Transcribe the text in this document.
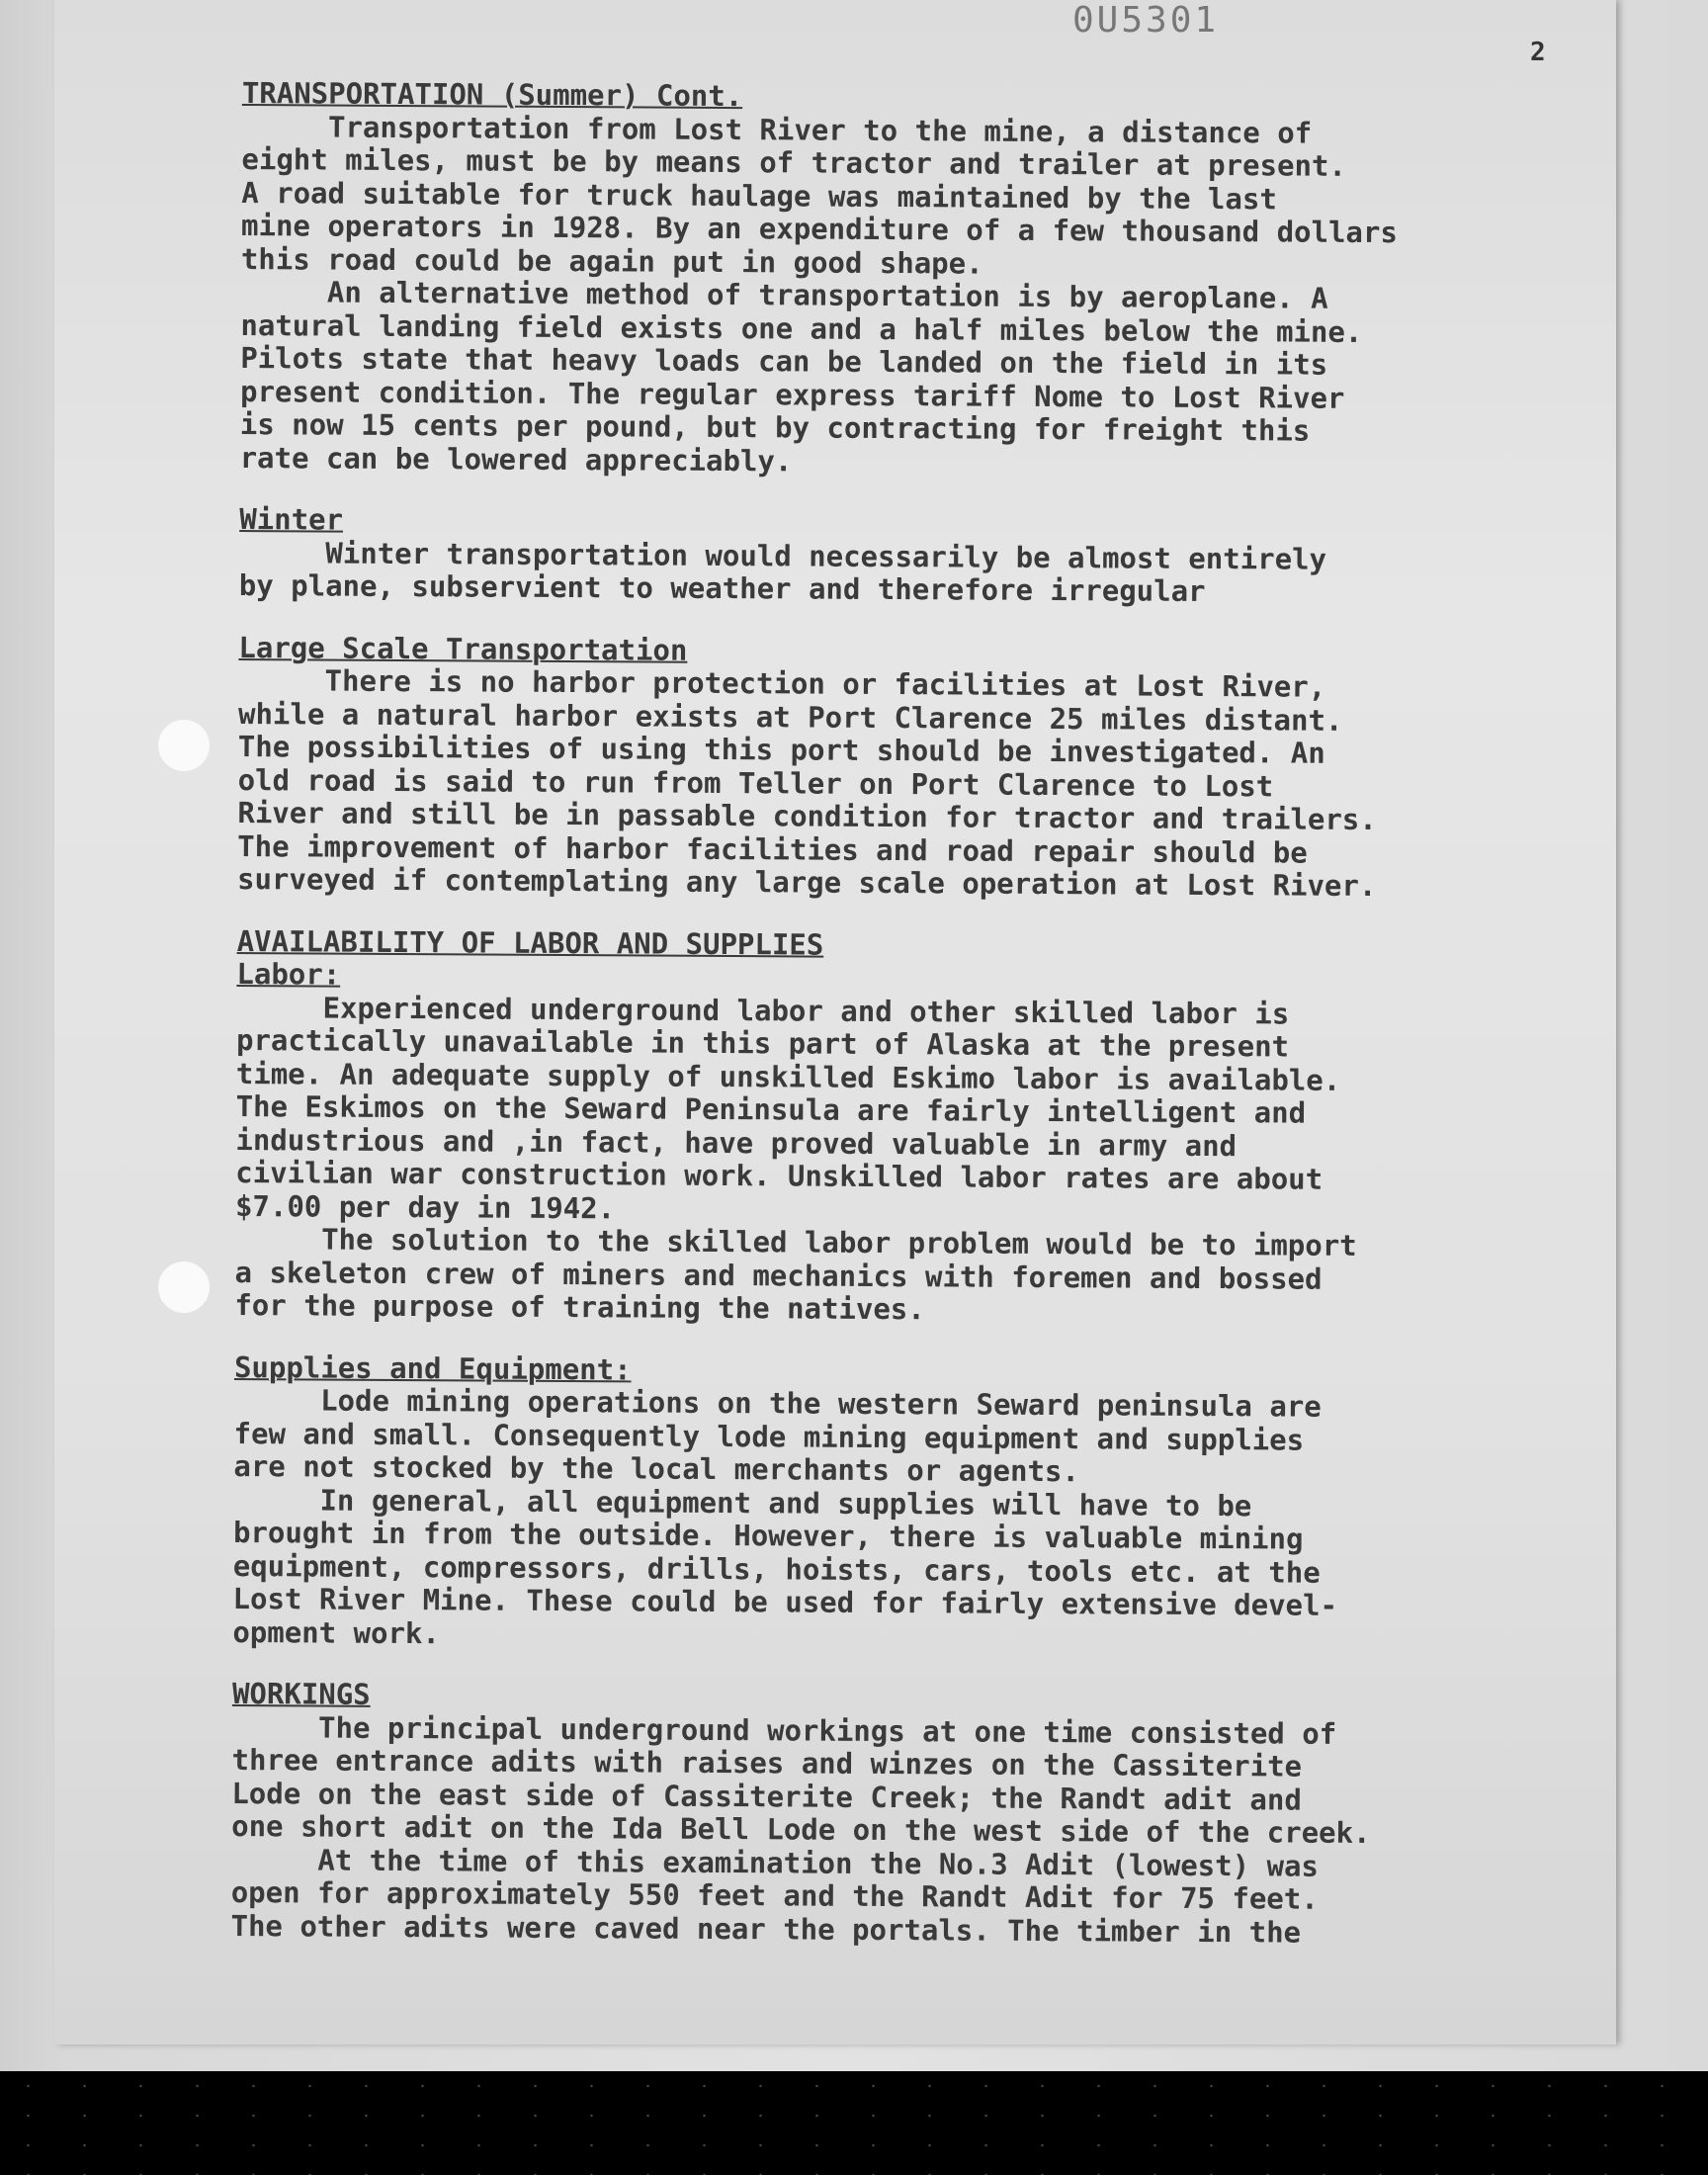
0U5301
2
TRANSPORTATION (Summer) Cont.

Transportation from Lost River to the mine, a distance of
eight miles, must be by means of tractor and trailer at present.
A road suitable for truck haulage was maintained by the last
mine operators in 1928. By an expenditure of a few thousand dollars
this road could be again put in good shape.

An alternative method of transportation is by aeroplane. A
natural landing field exists one and a half miles below the mine.
Pilots state that heavy loads can be landed on the field in its
present condition. The regular express tariff Nome to Lost River
is now 15 cents per pound, but by contracting for freight this
rate can be lowered appreciably.

Winter

Winter transportation would necessarily be almost entirely
by plane, subservient to weather and therefore irregular

Large Scale Transportation

There is no harbor protection or facilities at Lost River,
while a natural harbor exists at Port Clarence 25 miles distant.
The possibilities of using this port should be investigated. An
old road is said to run from Teller on Port Clarence to Lost
River and still be in passable condition for tractor and trailers.
The improvement of harbor facilities and road repair should be
surveyed if contemplating any large scale operation at Lost River.

AVAILABILITY OF LABOR AND SUPPLIES
Labor:

Experienced underground labor and other skilled labor is
practically unavailable in this part of Alaska at the present
time. An adequate supply of unskilled Eskimo labor is available.
The Eskimos on the Seward Peninsula are fairly intelligent and
industrious and ,in fact, have proved valuable in army and
civilian war construction work. Unskilled labor rates are about
$7.00 per day in 1942.

The solution to the skilled labor problem would be to import
a skeleton crew of miners and mechanics with foremen and bossed
for the purpose of training the natives.

Supplies and Equipment:

Lode mining operations on the western Seward peninsula are
few and small. Consequently lode mining equipment and supplies
are not stocked by the local merchants or agents.

In general, all equipment and supplies will have to be
brought in from the outside. However, there is valuable mining
equipment, compressors, drills, hoists, cars, tools etc. at the
Lost River Mine. These could be used for fairly extensive devel-
opment work.

WORKINGS

The principal underground workings at one time consisted of
three entrance adits with raises and winzes on the Cassiterite
Lode on the east side of Cassiterite Creek; the Randt adit and
one short adit on the Ida Bell Lode on the west side of the creek.

At the time of this examination the No.3 Adit (lowest) was
open for approximately 550 feet and the Randt Adit for 75 feet.
The other adits were caved near the portals. The timber in the
